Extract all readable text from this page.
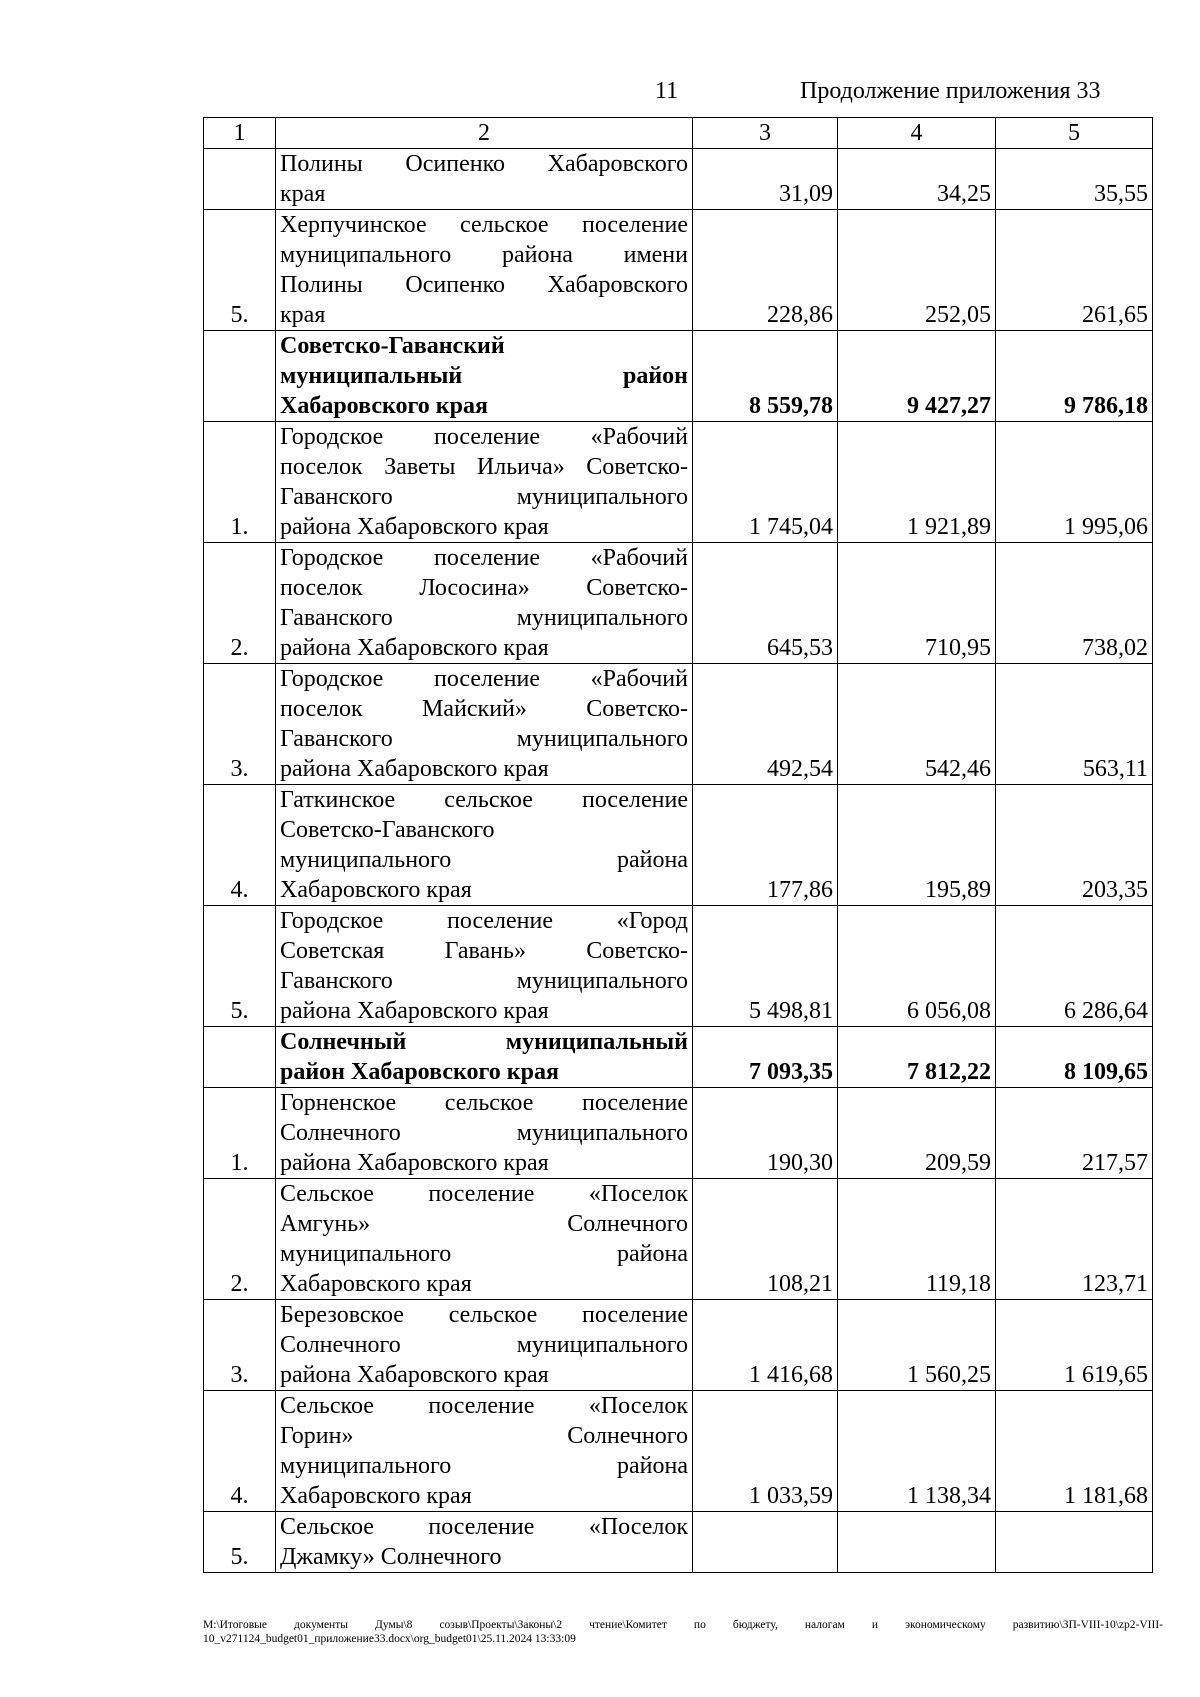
11	Продолжение приложения 33
1	2	3	4	5

	Полины Осипенко Хабаровского
края	31,09	34,25	35,55
5.	Херпучинское сельское поселение
муниципального района имени
Полины Осипенко Хабаровского
края	228,86	252,05	261,65

	Советско-Гаванский
муниципальный район
Хабаровского края	8 559,78	9 427,27	9 786,18
1.	Городское поселение «Рабочий
поселок Заветы Ильича» Советско-
Гаванского муниципального
района Хабаровского края	1 745,04	1 921,89	1 995,06
2.	Городское поселение «Рабочий
поселок Лососина» Советско-
Гаванского муниципального
района Хабаровского края	645,53	710,95	738,02
3.	Городское поселение «Рабочий
поселок Майский» Советско-
Гаванского муниципального
района Хабаровского края	492,54	542,46	563,11
4.	Гаткинское сельское поселение
Советско-Гаванского
муниципального района
Хабаровского края	177,86	195,89	203,35
5.	Городское поселение «Город
Советская Гавань» Советско-
Гаванского муниципального
района Хабаровского края	5 498,81	6 056,08	6 286,64

	Солнечный муниципальный
район Хабаровского края	7 093,35	7 812,22	8 109,65
1.	Горненское сельское поселение
Солнечного муниципального
района Хабаровского края	190,30	209,59	217,57
2.	Сельское поселение «Поселок
Амгунь» Солнечного
муниципального района
Хабаровского края	108,21	119,18	123,71
3.	Березовское сельское поселение
Солнечного муниципального
района Хабаровского края	1 416,68	1 560,25	1 619,65
4.	Сельское поселение «Поселок
Горин» Солнечного
муниципального района
Хабаровского края	1 033,59	1 138,34	1 181,68
5.	Сельское поселение «Поселок
Джамку» Солнечного			

M:\Итоговые документы Думы\8 созыв\Проекты\Законы\2 чтение\Комитет по бюджету, налогам и экономическому развитию\ЗП-VIII-10\zp2-VIII-10_v271124_budget01_приложение33.docx\org_budget01\25.11.2024 13:33:09
